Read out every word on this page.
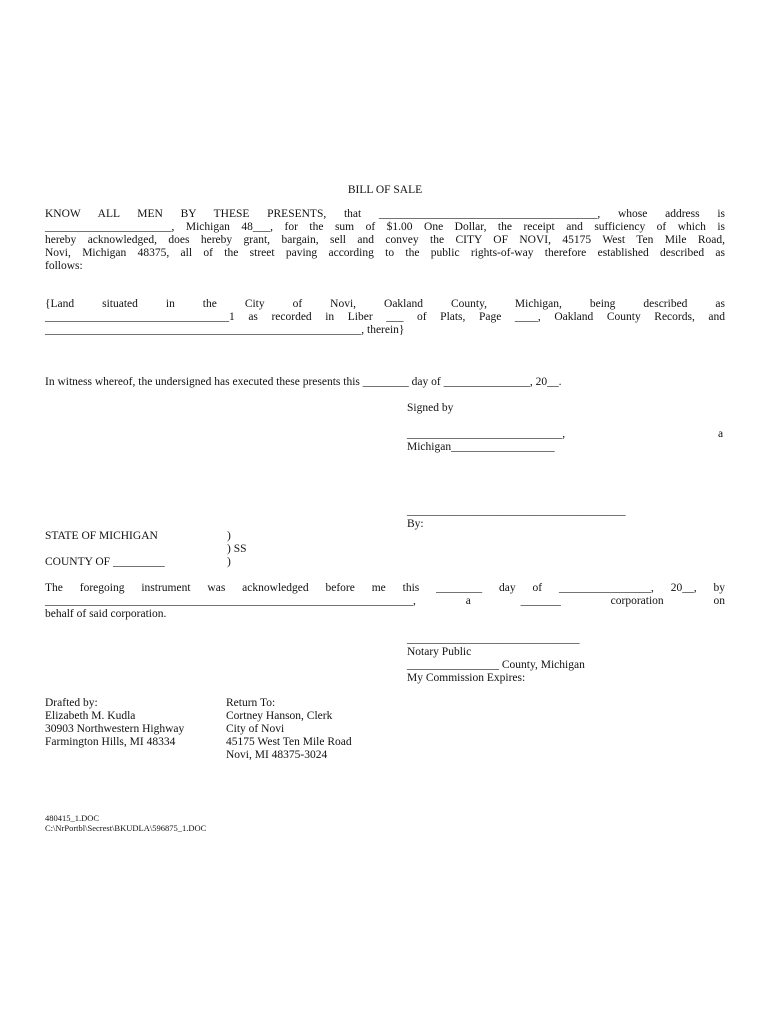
BILL OF SALE
KNOW ALL MEN BY THESE PRESENTS, that ______________________________________, whose address is
______________________, Michigan 48___, for the sum of $1.00 One Dollar, the receipt and sufficiency of which is
hereby acknowledged, does hereby grant, bargain, sell and convey the CITY OF NOVI, 45175 West Ten Mile Road,
Novi, Michigan 48375, all of the street paving according to the public rights-of-way therefore established described as
follows:
{Land situated in the City of Novi, Oakland County, Michigan, being described as
________________________________1 as recorded in Liber ___ of Plats, Page ____, Oakland County Records, and
_______________________________________________________, therein}
In witness whereof, the undersigned has executed these presents this ________ day of _______________, 20__.
Signed by
___________________________,	a
Michigan__________________
______________________________________
By:
STATE OF MICHIGAN
COUNTY OF _________
)
) SS
)
The foregoing instrument was acknowledged before me this ________ day of ________________, 20__, by
________________________________________________________________, a _______ corporation on
behalf of said corporation.
______________________________
Notary Public
________________ County, Michigan
My Commission Expires:
Drafted by:
Elizabeth M. Kudla
30903 Northwestern Highway
Farmington Hills, MI 48334
Return To:
Cortney Hanson, Clerk
City of Novi
45175 West Ten Mile Road
Novi, MI 48375-3024
480415_1.DOC
C:\NrPortbl\Secrest\BKUDLA\596875_1.DOC
